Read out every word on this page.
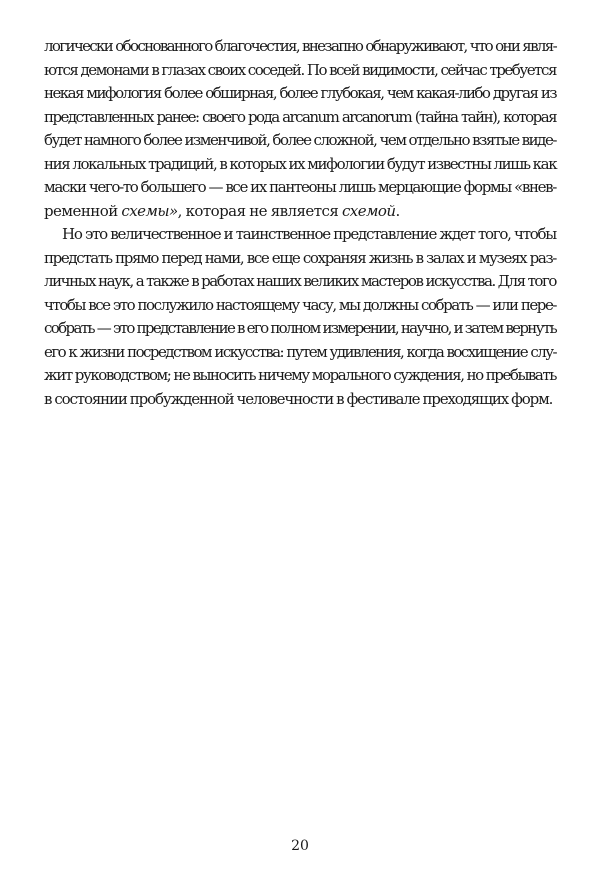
логически обоснованного благочестия, внезапно обнаруживают, что они явля-
ются демонами в глазах своих соседей. По всей видимости, сейчас требуется
некая мифология более обширная, более глубокая, чем какая-либо другая из
представленных ранее: своего рода arcanum arcanorum (тайна тайн), которая
будет намного более изменчивой, более сложной, чем отдельно взятые виде-
ния локальных традиций, в которых их мифологии будут известны лишь как
маски чего-то большего — все их пантеоны лишь мерцающие формы «внев-
ременной схемы», которая не является схемой.
Но это величественное и таинственное представление ждет того, чтобы
предстать прямо перед нами, все еще сохраняя жизнь в залах и музеях раз-
личных наук, а также в работах наших великих мастеров искусства. Для того
чтобы все это послужило настоящему часу, мы должны собрать — или пере-
собрать — это представление в его полном измерении, научно, и затем вернуть
его к жизни посредством искусства: путем удивления, когда восхищение слу-
жит руководством; не выносить ничему морального суждения, но пребывать
в состоянии пробужденной человечности в фестивале преходящих форм.
20
